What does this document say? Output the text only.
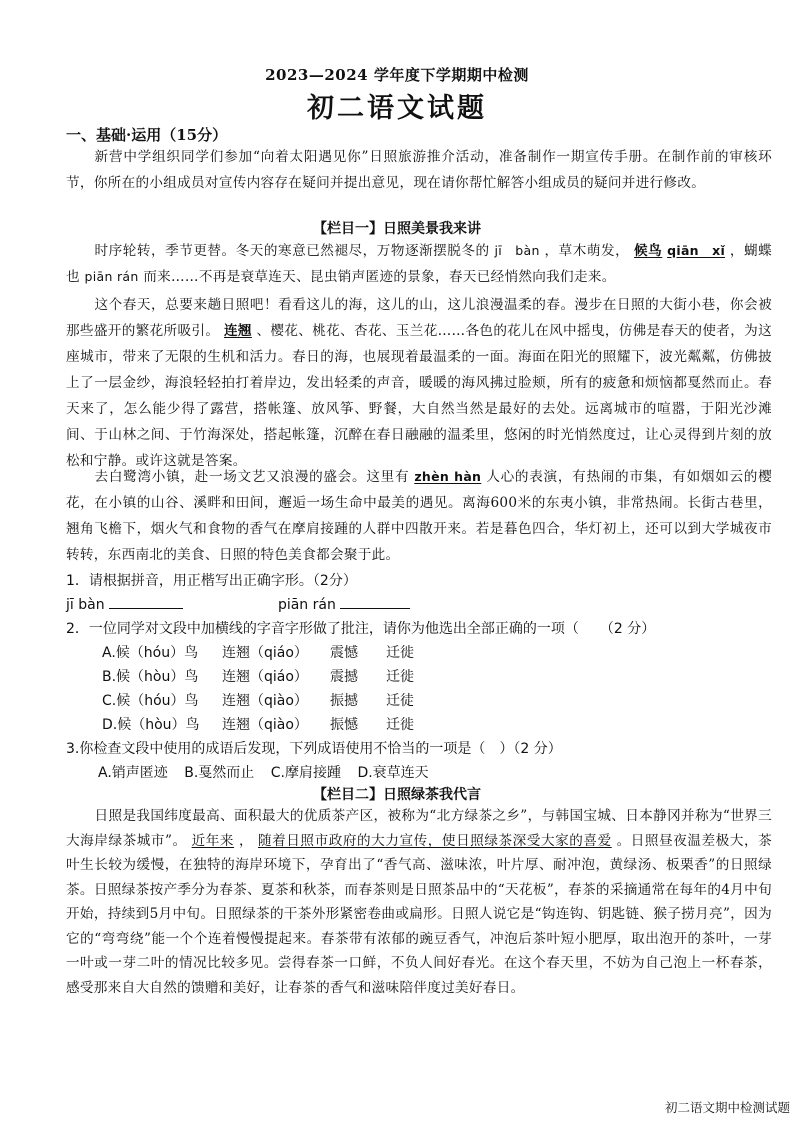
2023—2024 学年度下学期期中检测
初二语文试题
一、基础·运用（15分）
新营中学组织同学们参加“向着太阳遇见你”日照旅游推介活动，准备制作一期宣传手册。在制作前的审核环节，你所在的小组成员对宣传内容存在疑问并提出意见，现在请你帮忙解答小组成员的疑问并进行修改。
【栏目一】日照美景我来讲
时序轮转，季节更替。冬天的寒意已然褪尽，万物逐渐摆脱冬的 jī　bàn ，草木萌发， 候鸟 qiān　xǐ ，蝴蝶也 piān rán 而来……不再是衰草连天、昆虫销声匿迹的景象，春天已经悄然向我们走来。
这个春天，总要来趟日照吧！看看这儿的海，这儿的山，这儿浪漫温柔的春。漫步在日照的大街小巷，你会被那些盛开的繁花所吸引。 连翘 、樱花、桃花、杏花、玉兰花……各色的花儿在风中摇曳，仿佛是春天的使者，为这座城市，带来了无限的生机和活力。春日的海，也展现着最温柔的一面。海面在阳光的照耀下，波光粼粼，仿佛披上了一层金纱，海浪轻轻拍打着岸边，发出轻柔的声音，暖暖的海风拂过脸颊，所有的疲惫和烦恼都戛然而止。春天来了，怎么能少得了露营，搭帐篷、放风筝、野餐，大自然当然是最好的去处。远离城市的喧嚣，于阳光沙滩间、于山林之间、于竹海深处，搭起帐篷，沉醉在春日融融的温柔里，悠闲的时光悄然度过，让心灵得到片刻的放松和宁静。或许这就是答案。
去白鹭湾小镇，赴一场文艺又浪漫的盛会。这里有 zhèn hàn 人心的表演，有热闹的市集，有如烟如云的樱花，在小镇的山谷、溪畔和田间，邂逅一场生命中最美的遇见。离海600米的东夷小镇，非常热闹。长街古巷里，翘角飞檐下，烟火气和食物的香气在摩肩接踵的人群中四散开来。若是暮色四合，华灯初上，还可以到大学城夜市转转，东西南北的美食、日照的特色美食都会聚于此。
1．请根据拼音，用正楷写出正确字形。（2分）
jī bàn	piān rán
2．一位同学对文段中加横线的字音字形做了批注，请你为他选出全部正确的一项（　　（2 分）
A.候（hóu）鸟 连翘（qiáo） 震憾 迁徙
B.候（hòu）鸟 连翘（qiáo） 震撼 迁徙
C.候（hóu）鸟 连翘（qiào） 振撼 迁徒
D.候（hòu）鸟 连翘（qiào） 振憾 迁徙
3.你检查文段中使用的成语后发现，下列成语使用不恰当的一项是（　）（2 分）
A.销声匿迹 B.戛然而止 C.摩肩接踵 D.衰草连天
【栏目二】日照绿茶我代言
日照是我国纬度最高、面积最大的优质茶产区，被称为“北方绿茶之乡”，与韩国宝城、日本静冈并称为“世界三大海岸绿茶城市”。 近年来 ， 随着日照市政府的大力宣传，使日照绿茶深受大家的喜爱 。日照昼夜温差极大，茶叶生长较为缓慢，在独特的海岸环境下，孕育出了“香气高、滋味浓，叶片厚、耐冲泡，黄绿汤、板栗香”的日照绿茶。日照绿茶按产季分为春茶、夏茶和秋茶，而春茶则是日照茶品中的“天花板”，春茶的采摘通常在每年的4月中旬开始，持续到5月中旬。日照绿茶的干茶外形紧密卷曲或扁形。日照人说它是“钩连钩、钥匙链、猴子捞月亮”，因为它的“弯弯绕”能一个个连着慢慢提起来。春茶带有浓郁的豌豆香气，冲泡后茶叶短小肥厚，取出泡开的茶叶，一芽一叶或一芽二叶的情况比较多见。尝得春茶一口鲜，不负人间好春光。在这个春天里，不妨为自己泡上一杯春茶，感受那来自大自然的馈赠和美好，让春茶的香气和滋味陪伴度过美好春日。
初二语文期中检测试题
